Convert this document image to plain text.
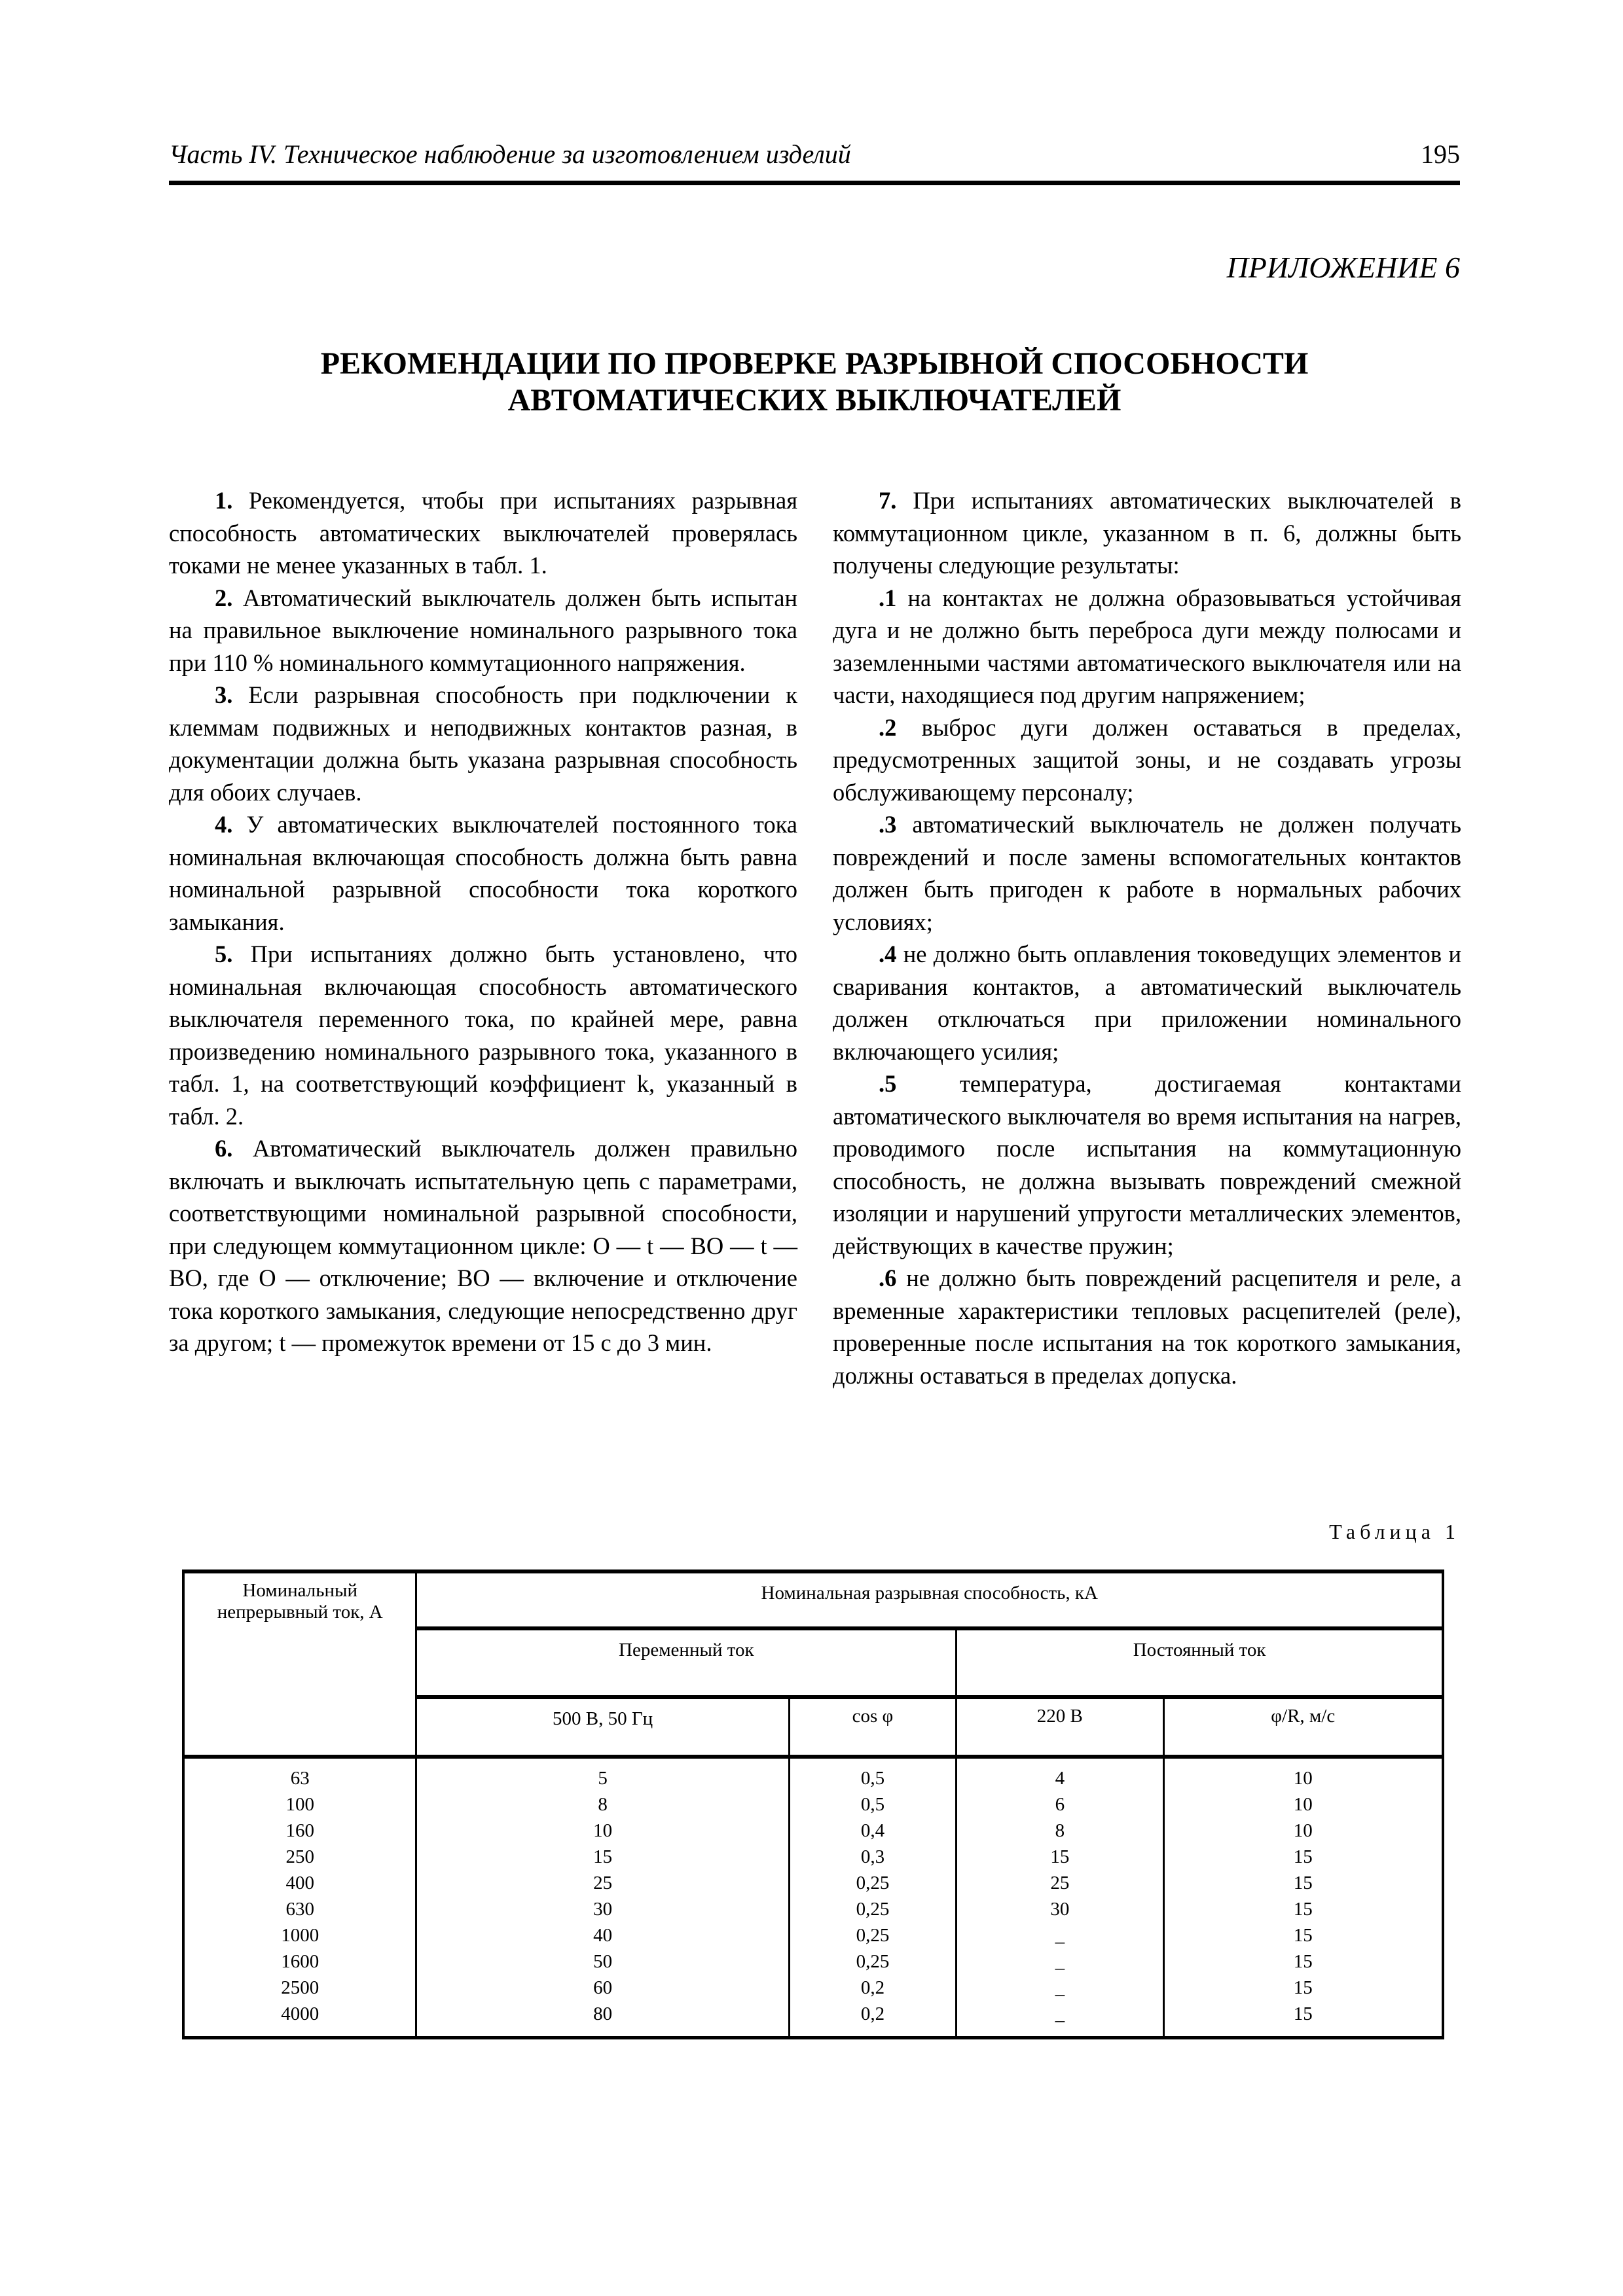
Часть IV. Техническое наблюдение за изготовлением изделий	195
ПРИЛОЖЕНИЕ 6
РЕКОМЕНДАЦИИ ПО ПРОВЕРКЕ РАЗРЫВНОЙ СПОСОБНОСТИ
АВТОМАТИЧЕСКИХ ВЫКЛЮЧАТЕЛЕЙ

1. Рекомендуется, чтобы при испытаниях разрывная способность автоматических выключателей проверялась токами не менее указанных в табл. 1.

2. Автоматический выключатель должен быть испытан на правильное выключение номинального разрывного тока при 110 % номинального коммутационного напряжения.

3. Если разрывная способность при подключении к клеммам подвижных и неподвижных контактов разная, в документации должна быть указана разрывная способность для обоих случаев.

4. У автоматических выключателей постоянного тока номинальная включающая способность должна быть равна номинальной разрывной способности тока короткого замыкания.

5. При испытаниях должно быть установлено, что номинальная включающая способность автоматического выключателя переменного тока, по крайней мере, равна произведению номинального разрывного тока, указанного в табл. 1, на соответствующий коэффициент k, указанный в табл. 2.

6. Автоматический выключатель должен правильно включать и выключать испытательную цепь с параметрами, соответствующими номинальной разрывной способности, при следующем коммутационном цикле: О — t — ВО — t — ВО, где О — отключение; ВО — включение и отключение тока короткого замыкания, следующие непосредственно друг за другом; t — промежуток времени от 15 с до 3 мин.

7. При испытаниях автоматических выключателей в коммутационном цикле, указанном в п. 6, должны быть получены следующие результаты:

.1 на контактах не должна образовываться устойчивая дуга и не должно быть переброса дуги между полюсами и заземленными частями автоматического выключателя или на части, находящиеся под другим напряжением;

.2 выброс дуги должен оставаться в пределах, предусмотренных защитой зоны, и не создавать угрозы обслуживающему персоналу;

.3 автоматический выключатель не должен получать повреждений и после замены вспомогательных контактов должен быть пригоден к работе в нормальных рабочих условиях;

.4 не должно быть оплавления токоведущих элементов и сваривания контактов, а автоматический выключатель должен отключаться при приложении номинального включающего усилия;

.5 температура, достигаемая контактами автоматического выключателя во время испытания на нагрев, проводимого после испытания на коммутационную способность, не должна вызывать повреждений смежной изоляции и нарушений упругости металлических элементов, действующих в качестве пружин;

.6 не должно быть повреждений расцепителя и реле, а временные характеристики тепловых расцепителей (реле), проверенные после испытания на ток короткого замыкания, должны оставаться в пределах допуска.

Таблица 1
Номинальный непрерывный ток, А	Номинальная разрывная способность, кА			
	Переменный ток		Постоянный ток	
	500 В, 50 Гц	cos φ	220 В	φ/R, м/с
63	5	0,5	4	10
100	8	0,5	6	10
160	10	0,4	8	10
250	15	0,3	15	15
400	25	0,25	25	15
630	30	0,25	30	15
1000	40	0,25	_	15
1600	50	0,25	_	15
2500	60	0,2	_	15
4000	80	0,2	_	15
